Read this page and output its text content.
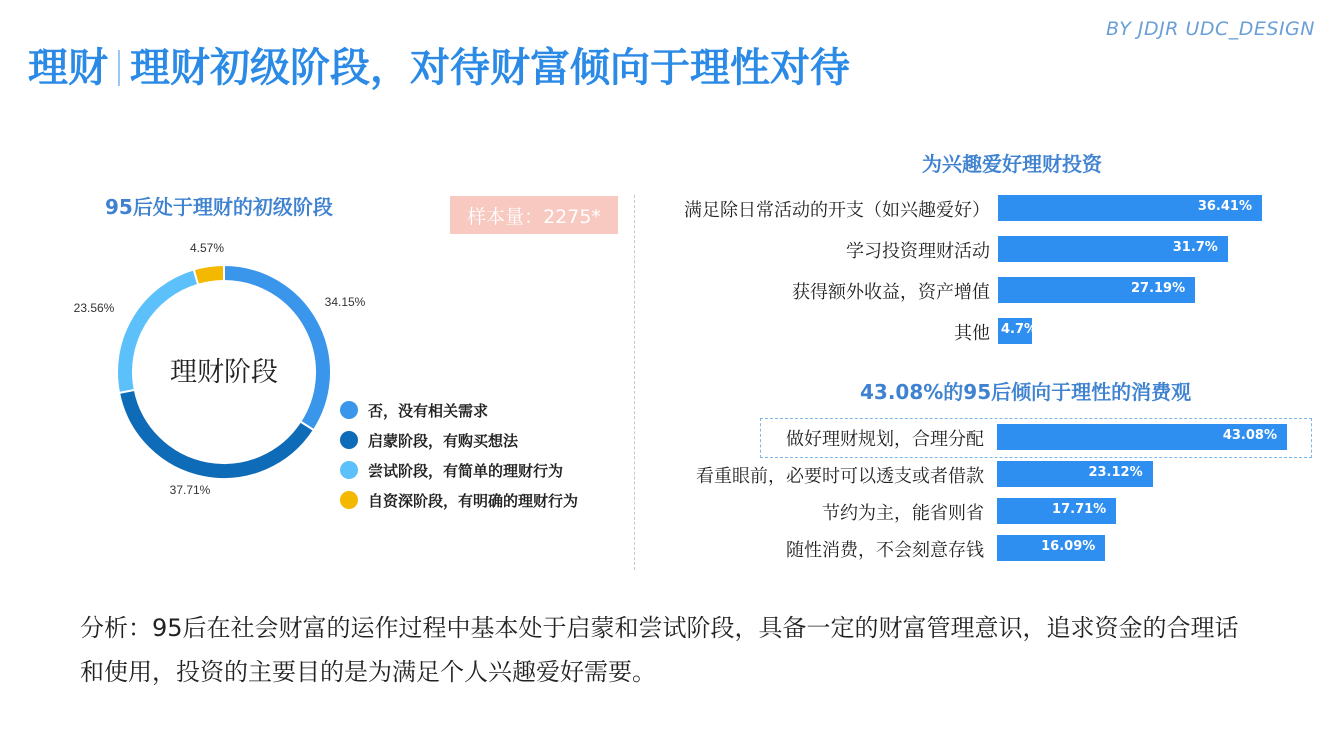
BY JDJR UDC_DESIGN
理财 理财初级阶段，对待财富倾向于理性对待
95后处于理财的初级阶段	样本量：2275*
34.15%
37.71%
23.56%
4.57%
理财阶段
否，没有相关需求
启蒙阶段，有购买想法
尝试阶段，有简单的理财行为
自资深阶段，有明确的理财行为
为兴趣爱好理财投资
满足除日常活动的开支（如兴趣爱好）	36.41%
学习投资理财活动	31.7%
获得额外收益，资产增值	27.19%
其他 4.7%
43.08%的95后倾向于理性的消费观
做好理财规划，合理分配	43.08%
看重眼前，必要时可以透支或者借款	23.12%
节约为主，能省则省	17.71%
随性消费，不会刻意存钱	16.09%
分析：95后在社会财富的运作过程中基本处于启蒙和尝试阶段，具备一定的财富管理意识，追求资金的合理话和使用，投资的主要目的是为满足个人兴趣爱好需要。
